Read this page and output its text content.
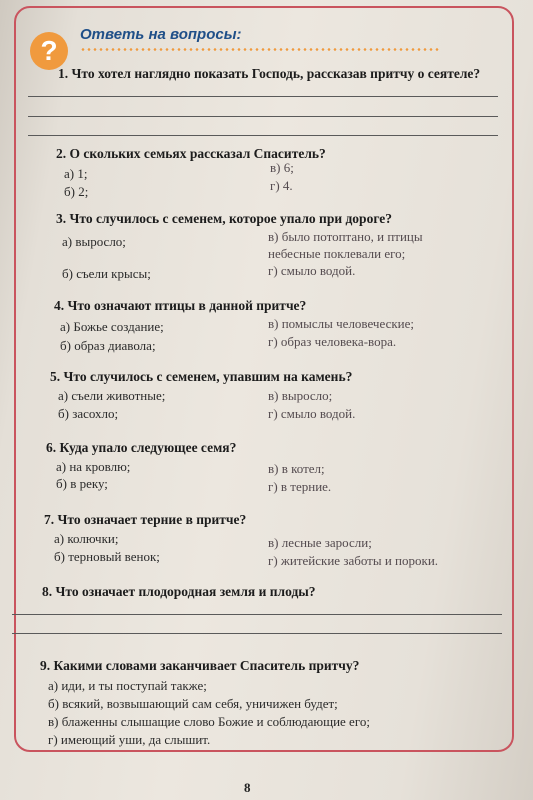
?
Ответь на вопросы:
1. Что хотел наглядно показать Господь, рассказав притчу о сеятеле?
2. О скольких семьях рассказал Спаситель?
а) 1;
б) 2;
в) 6;
г) 4.
3. Что случилось с семенем, которое упало при дороге?
а) выросло;
б) съели крысы;
в) было потоптано, и птицы
небесные поклевали его;
г) смыло водой.
4. Что означают птицы в данной притче?
а) Божье создание;
б) образ диавола;
в) помыслы человеческие;
г) образ человека-вора.
5. Что случилось с семенем, упавшим на камень?
а) съели животные;
б) засохло;
в) выросло;
г) смыло водой.
6. Куда упало следующее семя?
а) на кровлю;
б) в реку;
в) в котел;
г) в терние.
7. Что означает терние в притче?
а) колючки;
б) терновый венок;
в) лесные заросли;
г) житейские заботы и пороки.
8. Что означает плодородная земля и плоды?
9. Какими словами заканчивает Спаситель притчу?
а) иди, и ты поступай также;
б) всякий, возвышающий сам себя, уничижен будет;
в) блаженны слышащие слово Божие и соблюдающие его;
г) имеющий уши, да слышит.
8
